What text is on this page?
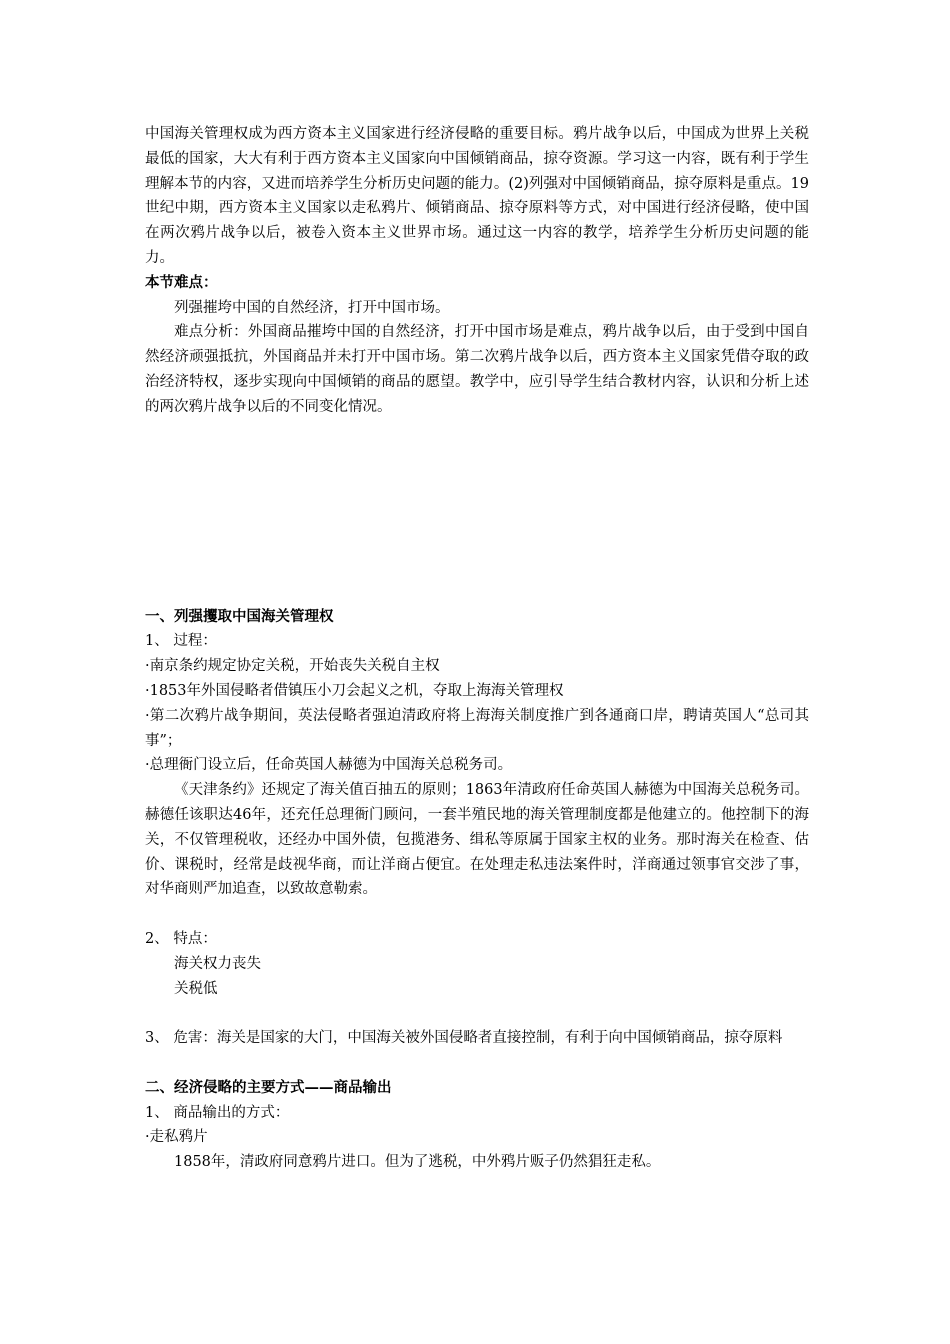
中国海关管理权成为西方资本主义国家进行经济侵略的重要目标。鸦片战争以后，中国成为世界上关税最低的国家，大大有利于西方资本主义国家向中国倾销商品，掠夺资源。学习这一内容，既有利于学生理解本节的内容，又进而培养学生分析历史问题的能力。(2)列强对中国倾销商品，掠夺原料是重点。19世纪中期，西方资本主义国家以走私鸦片、倾销商品、掠夺原料等方式，对中国进行经济侵略，使中国在两次鸦片战争以后，被卷入资本主义世界市场。通过这一内容的教学，培养学生分析历史问题的能力。

本节难点：

列强摧垮中国的自然经济，打开中国市场。

难点分析：外国商品摧垮中国的自然经济，打开中国市场是难点，鸦片战争以后，由于受到中国自然经济顽强抵抗，外国商品并未打开中国市场。第二次鸦片战争以后，西方资本主义国家凭借夺取的政治经济特权，逐步实现向中国倾销的商品的愿望。教学中，应引导学生结合教材内容，认识和分析上述的两次鸦片战争以后的不同变化情况。

一、列强攫取中国海关管理权

1、 过程：

·南京条约规定协定关税，开始丧失关税自主权

·1853年外国侵略者借镇压小刀会起义之机，夺取上海海关管理权

·第二次鸦片战争期间，英法侵略者强迫清政府将上海海关制度推广到各通商口岸，聘请英国人“总司其事”；

·总理衙门设立后，任命英国人赫德为中国海关总税务司。

《天津条约》还规定了海关值百抽五的原则；1863年清政府任命英国人赫德为中国海关总税务司。赫德任该职达46年，还充任总理衙门顾问，一套半殖民地的海关管理制度都是他建立的。他控制下的海关，不仅管理税收，还经办中国外债，包揽港务、缉私等原属于国家主权的业务。那时海关在检查、估价、课税时，经常是歧视华商，而让洋商占便宜。在处理走私违法案件时，洋商通过领事官交涉了事，对华商则严加追查，以致故意勒索。

2、 特点：

海关权力丧失

关税低

3、 危害：海关是国家的大门，中国海关被外国侵略者直接控制，有利于向中国倾销商品，掠夺原料

二、经济侵略的主要方式——商品输出

1、 商品输出的方式：

·走私鸦片

1858年，清政府同意鸦片进口。但为了逃税，中外鸦片贩子仍然猖狂走私。
